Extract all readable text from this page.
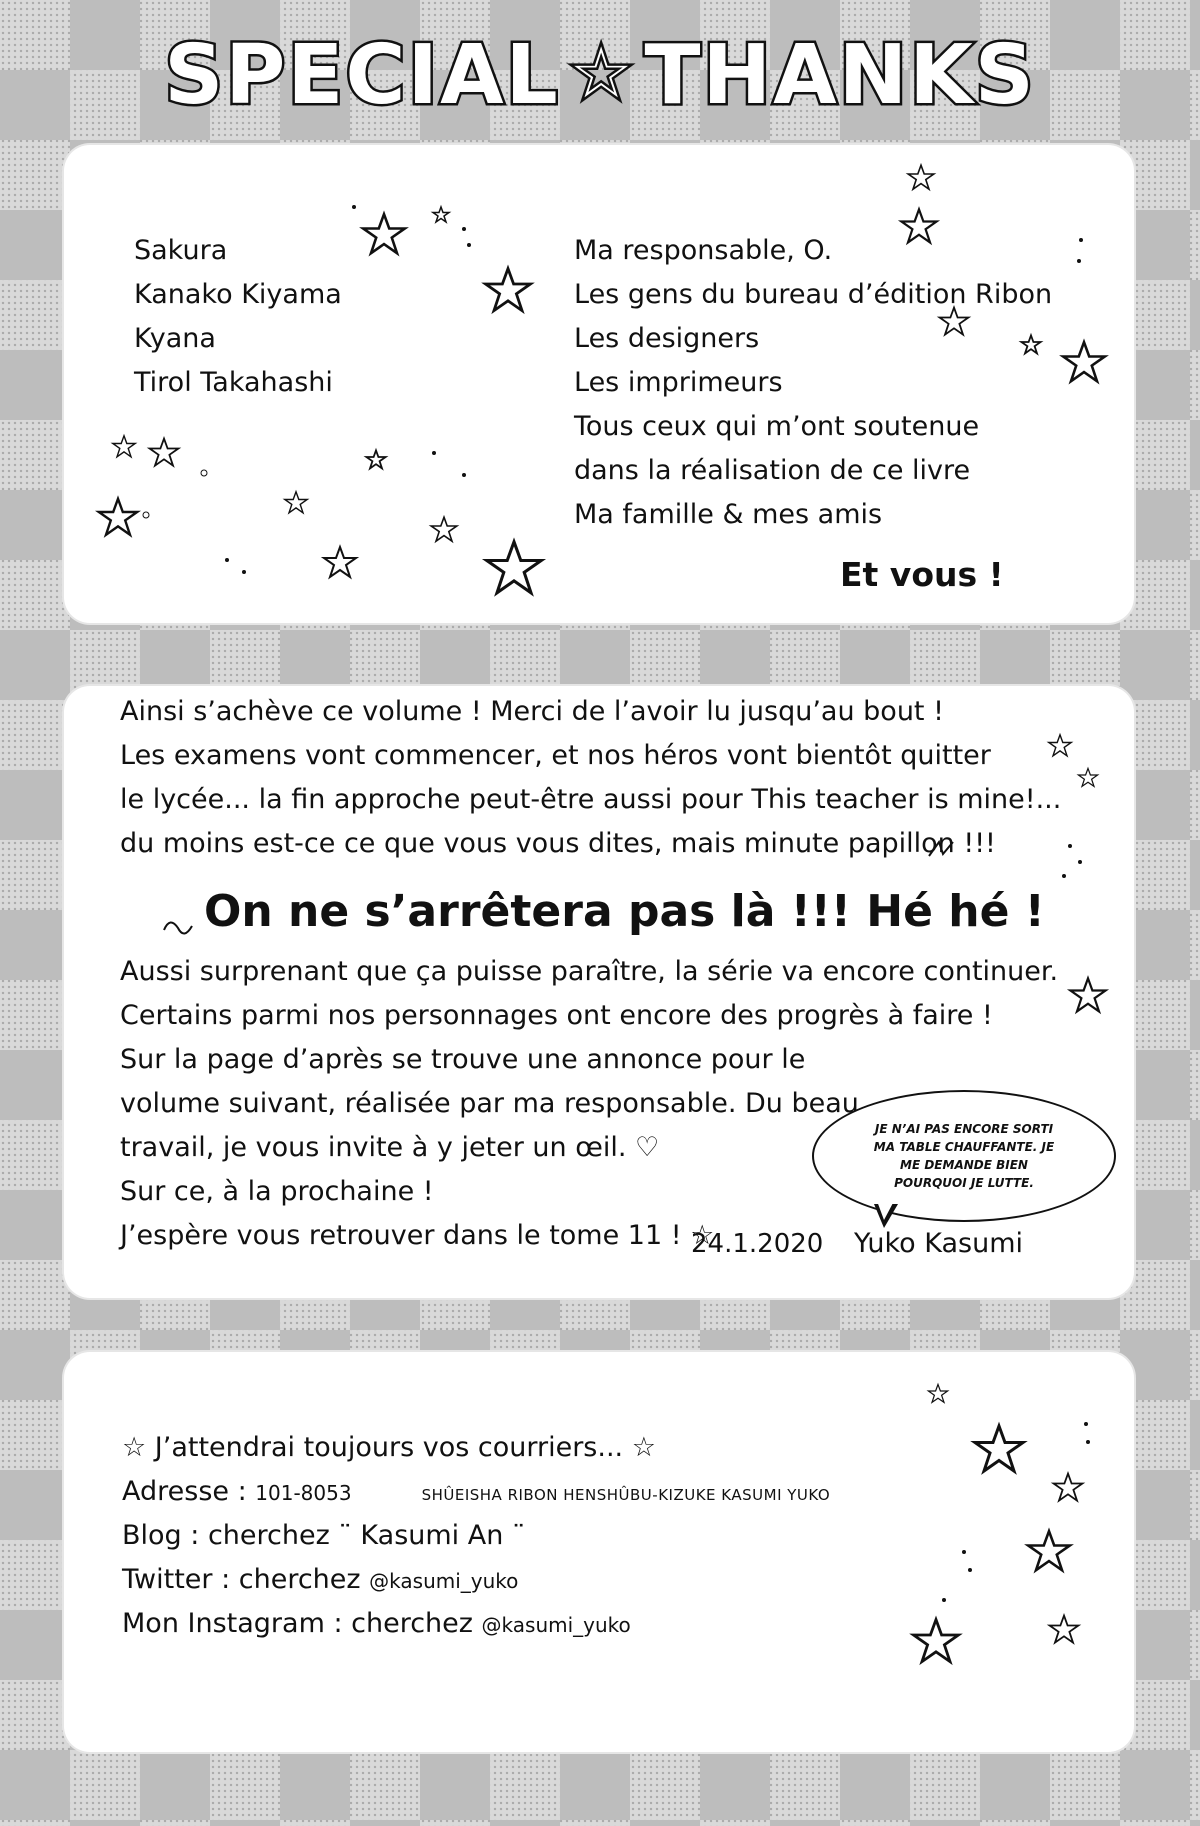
SPECIAL ☆ THANKS
Sakura
Kanako Kiyama
Kyana
Tirol Takahashi
Ma responsable, O.
Les gens du bureau d’édition Ribon
Les designers
Les imprimeurs
Tous ceux qui m’ont soutenue
dans la réalisation de ce livre
Ma famille & mes amis
Et vous !

Ainsi s’achève ce volume ! Merci de l’avoir lu jusqu’au bout !

Les examens vont commencer, et nos héros vont bientôt quitter

le lycée... la fin approche peut-être aussi pour This teacher is mine!...

du moins est-ce ce que vous vous dites, mais minute papillon !!!

On ne s’arrêtera pas là !!! Hé hé !

Aussi surprenant que ça puisse paraître, la série va encore continuer.

Certains parmi nos personnages ont encore des progrès à faire !

Sur la page d’après se trouve une annonce pour le

volume suivant, réalisée par ma responsable. Du beau

travail, je vous invite à y jeter un œil. ♡

Sur ce, à la prochaine !

J’espère vous retrouver dans le tome 11 ! ☆

JE N’AI PAS ENCORE SORTI MA TABLE CHAUFFANTE. JE ME DEMANDE BIEN POURQUOI JE LUTTE.
24.1.2020 Yuko Kasumi

☆ J’attendrai toujours vos courriers... ☆

Adresse : 101-8053	SHÛEISHA RIBON HENSHÛBU-KIZUKE KASUMI YUKO

Blog : cherchez ¨ Kasumi An ¨

Twitter : cherchez @kasumi_yuko

Mon Instagram : cherchez @kasumi_yuko
